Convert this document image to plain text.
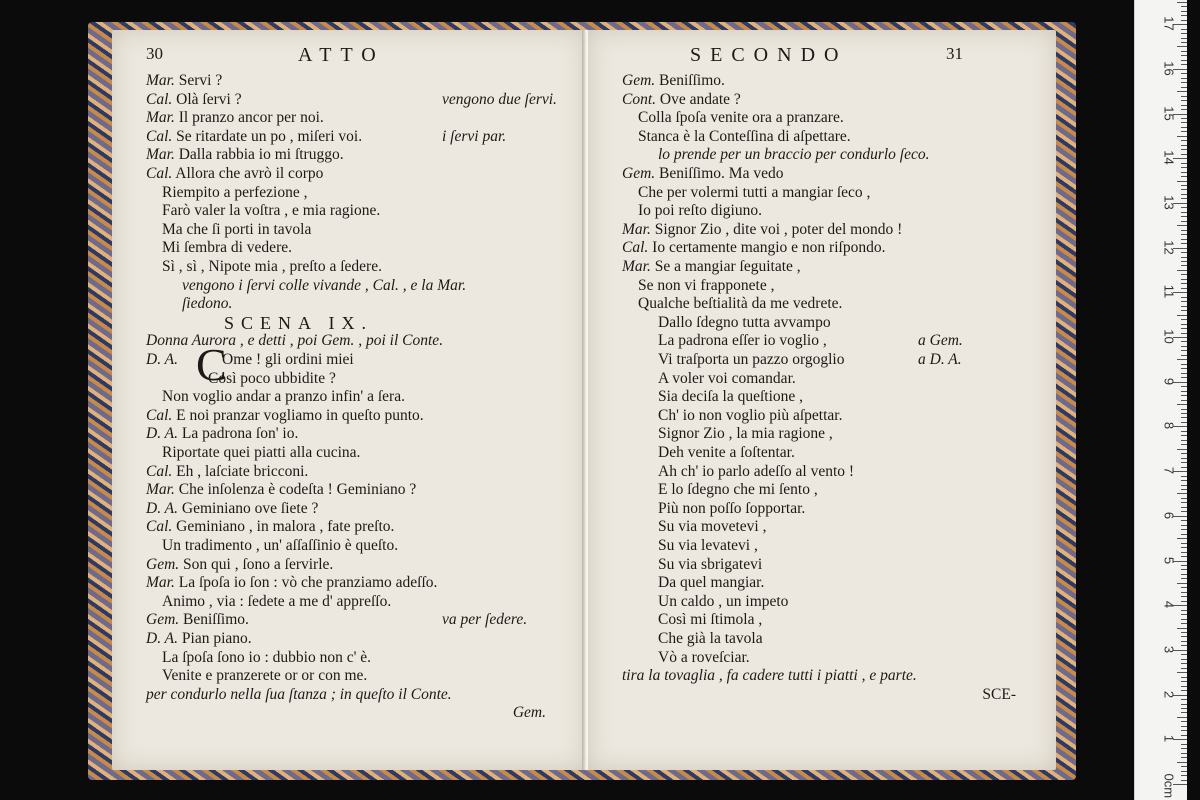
30	ATTO
Mar. Servi ?
Cal. Olà ſervi ?	vengono due ſervi.
Mar. Il pranzo ancor per noi.
Cal. Se ritardate un po , miſeri voi.	i ſervi par.
Mar. Dalla rabbia io mi ſtruggo.
Cal. Allora che avrò il corpo
Riempito a perfezione ,
Farò valer la voſtra , e mia ragione.
Ma che ſi porti in tavola
Mi ſembra di vedere.
Sì , sì , Nipote mia , preſto a ſedere.
vengono i ſervi colle vivande , Cal. , e la Mar.
ſiedono.
SCENA IX.
Donna Aurora , e detti , poi Gem. , poi il Conte.
D. A. C
Ome ! gli ordini miei
Così poco ubbidite ?
Non voglio andar a pranzo infin' a ſera.
Cal. E noi pranzar vogliamo in queſto punto.
D. A. La padrona ſon' io.
Riportate quei piatti alla cucina.
Cal. Eh , laſciate bricconi.
Mar. Che inſolenza è codeſta ! Geminiano ?
D. A. Geminiano ove ſiete ?
Cal. Geminiano , in malora , fate preſto.
Un tradimento , un' aſſaſſinio è queſto.
Gem. Son qui , ſono a ſervirle.
Mar. La ſpoſa io ſon : vò che pranziamo adeſſo.
Animo , via : ſedete a me d' appreſſo.
Gem. Beniſſimo.	va per ſedere.
D. A. Pian piano.
La ſpoſa ſono io : dubbio non c' è.
Venite e pranzerete or or con me.
per condurlo nella ſua ſtanza ; in queſto il Conte.
Gem.
SECONDO	31
Gem. Beniſſimo.
Cont. Ove andate ?
Colla ſpoſa venite ora a pranzare.
Stanca è la Conteſſina di aſpettare.
lo prende per un braccio per condurlo ſeco.
Gem. Beniſſimo. Ma vedo
Che per volermi tutti a mangiar ſeco ,
Io poi reſto digiuno.
Mar. Signor Zio , dite voi , poter del mondo !
Cal. Io certamente mangio e non riſpondo.
Mar. Se a mangiar ſeguitate ,
Se non vi frapponete ,
Qualche beſtialità da me vedrete.
Dallo ſdegno tutta avvampo
La padrona eſſer io voglio ,	a Gem.
Vi traſporta un pazzo orgoglio	a D. A.
A voler voi comandar.
Sia deciſa la queſtione ,
Ch' io non voglio più aſpettar.
Signor Zio , la mia ragione ,
Deh venite a ſoſtentar.
Ah ch' io parlo adeſſo al vento !
E lo ſdegno che mi ſento ,
Più non poſſo ſopportar.
Su via movetevi ,
Su via levatevi ,
Su via sbrigatevi
Da quel mangiar.
Un caldo , un impeto
Così mi ſtimola ,
Che già la tavola
Vò a roveſciar.
tira la tovaglia , fa cadere tutti i piatti , e parte.
SCE-
0cm
1
2
3
4
5
6
7
8
9
10
11
12
13
14
15
16
17
